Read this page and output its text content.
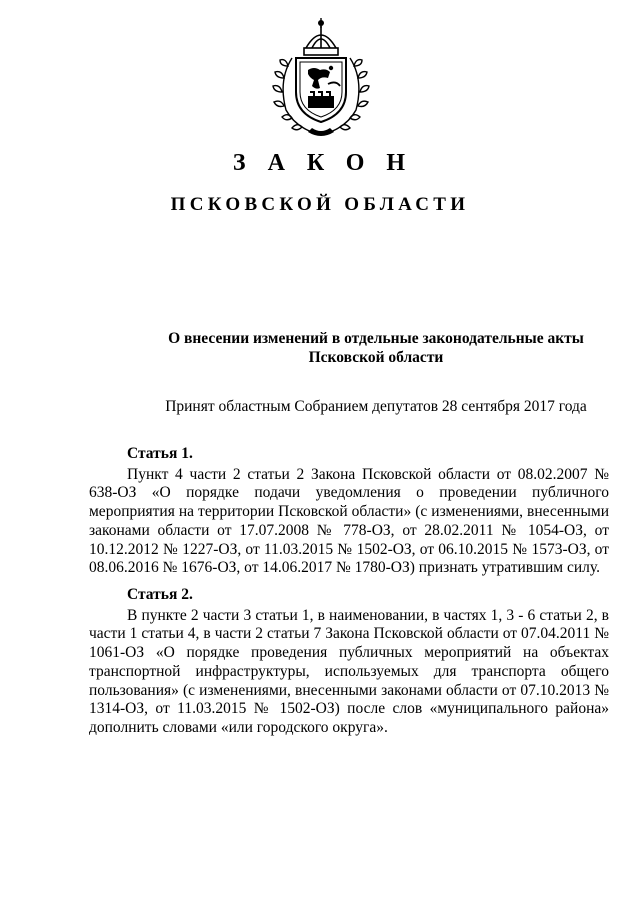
ЗАКОН
ПСКОВСКОЙ ОБЛАСТИ

О внесении изменений в отдельные законодательные акты
Псковской области

Принят областным Собранием депутатов 28 сентября 2017 года

Статья 1.

Пункт 4 части 2 статьи 2 Закона Псковской области от 08.02.2007 № 638-ОЗ «О порядке подачи уведомления о проведении публичного мероприятия на территории Псковской области» (с изменениями, внесенными законами области от 17.07.2008 № 778-ОЗ, от 28.02.2011 № 1054-ОЗ, от 10.12.2012 № 1227-ОЗ, от 11.03.2015 № 1502-ОЗ, от 06.10.2015 № 1573-ОЗ, от 08.06.2016 № 1676-ОЗ, от 14.06.2017 № 1780-ОЗ) признать утратившим силу.

Статья 2.

В пункте 2 части 3 статьи 1, в наименовании, в частях 1, 3 - 6 статьи 2, в части 1 статьи 4, в части 2 статьи 7 Закона Псковской области от 07.04.2011 № 1061-ОЗ «О порядке проведения публичных мероприятий на объектах транспортной инфраструктуры, используемых для транспорта общего пользования» (с изменениями, внесенными законами области от 07.10.2013 № 1314-ОЗ, от 11.03.2015 № 1502-ОЗ) после слов «муниципального района» дополнить словами «или городского округа».
